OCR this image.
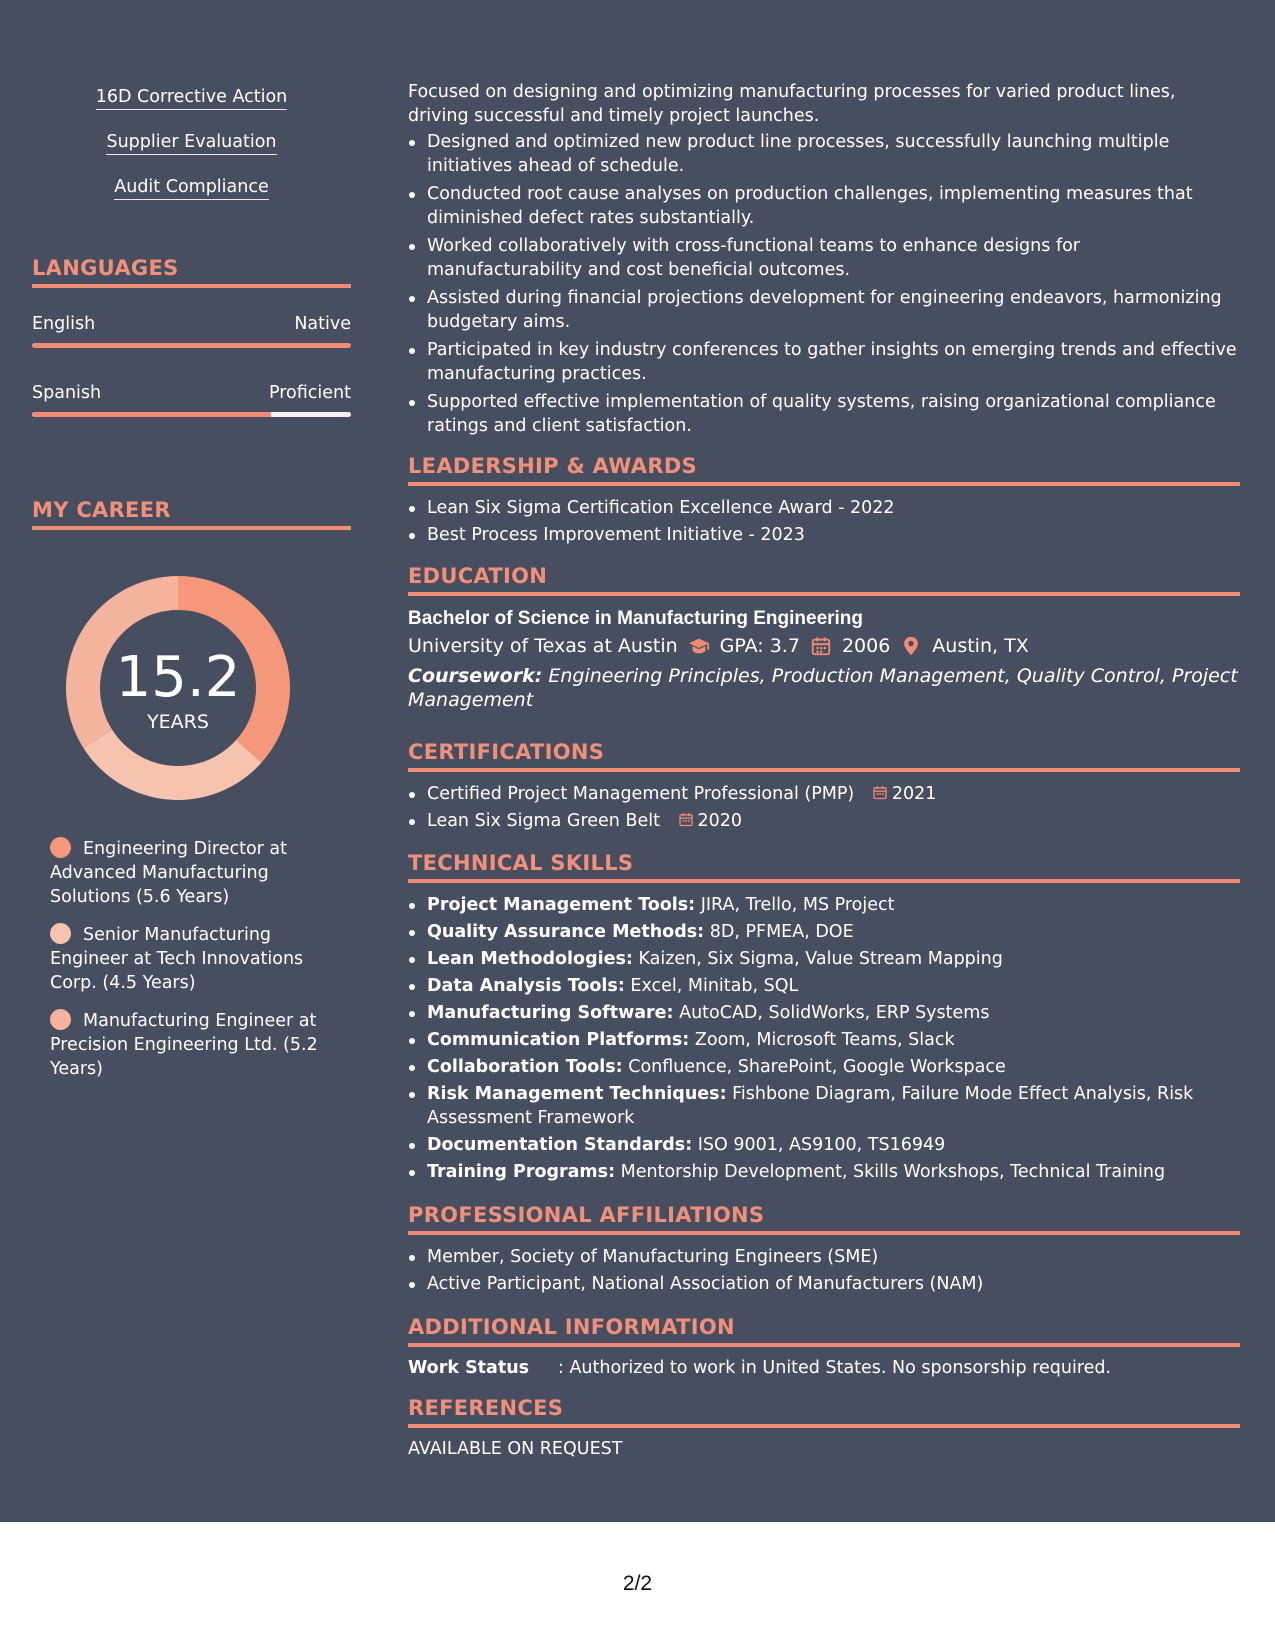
16D Corrective Action
Supplier Evaluation
Audit Compliance
LANGUAGES
English	Native
Spanish	Proficient
MY CAREER
15.2
YEARS
Engineering Director at Advanced Manufacturing Solutions (5.6 Years)
Senior Manufacturing Engineer at Tech Innovations Corp. (4.5 Years)
Manufacturing Engineer at Precision Engineering Ltd. (5.2 Years)
Focused on designing and optimizing manufacturing processes for varied product lines, driving successful and timely project launches.
Designed and optimized new product line processes, successfully launching multiple initiatives ahead of schedule.
Conducted root cause analyses on production challenges, implementing measures that diminished defect rates substantially.
Worked collaboratively with cross-functional teams to enhance designs for manufacturability and cost beneficial outcomes.
Assisted during financial projections development for engineering endeavors, harmonizing budgetary aims.
Participated in key industry conferences to gather insights on emerging trends and effective manufacturing practices.
Supported effective implementation of quality systems, raising organizational compliance ratings and client satisfaction.
LEADERSHIP & AWARDS
Lean Six Sigma Certification Excellence Award - 2022
Best Process Improvement Initiative - 2023
EDUCATION
Bachelor of Science in Manufacturing Engineering
University of Texas at Austin GPA: 3.7 2006 Austin, TX
Coursework: Engineering Principles, Production Management, Quality Control, Project Management
CERTIFICATIONS
Certified Project Management Professional (PMP) 2021
Lean Six Sigma Green Belt 2020
TECHNICAL SKILLS
Project Management Tools: JIRA, Trello, MS Project
Quality Assurance Methods: 8D, PFMEA, DOE
Lean Methodologies: Kaizen, Six Sigma, Value Stream Mapping
Data Analysis Tools: Excel, Minitab, SQL
Manufacturing Software: AutoCAD, SolidWorks, ERP Systems
Communication Platforms: Zoom, Microsoft Teams, Slack
Collaboration Tools: Confluence, SharePoint, Google Workspace
Risk Management Techniques: Fishbone Diagram, Failure Mode Effect Analysis, Risk Assessment Framework
Documentation Standards: ISO 9001, AS9100, TS16949
Training Programs: Mentorship Development, Skills Workshops, Technical Training
PROFESSIONAL AFFILIATIONS
Member, Society of Manufacturing Engineers (SME)
Active Participant, National Association of Manufacturers (NAM)
ADDITIONAL INFORMATION
Work Status	: Authorized to work in United States. No sponsorship required.
REFERENCES
AVAILABLE ON REQUEST
2/2
